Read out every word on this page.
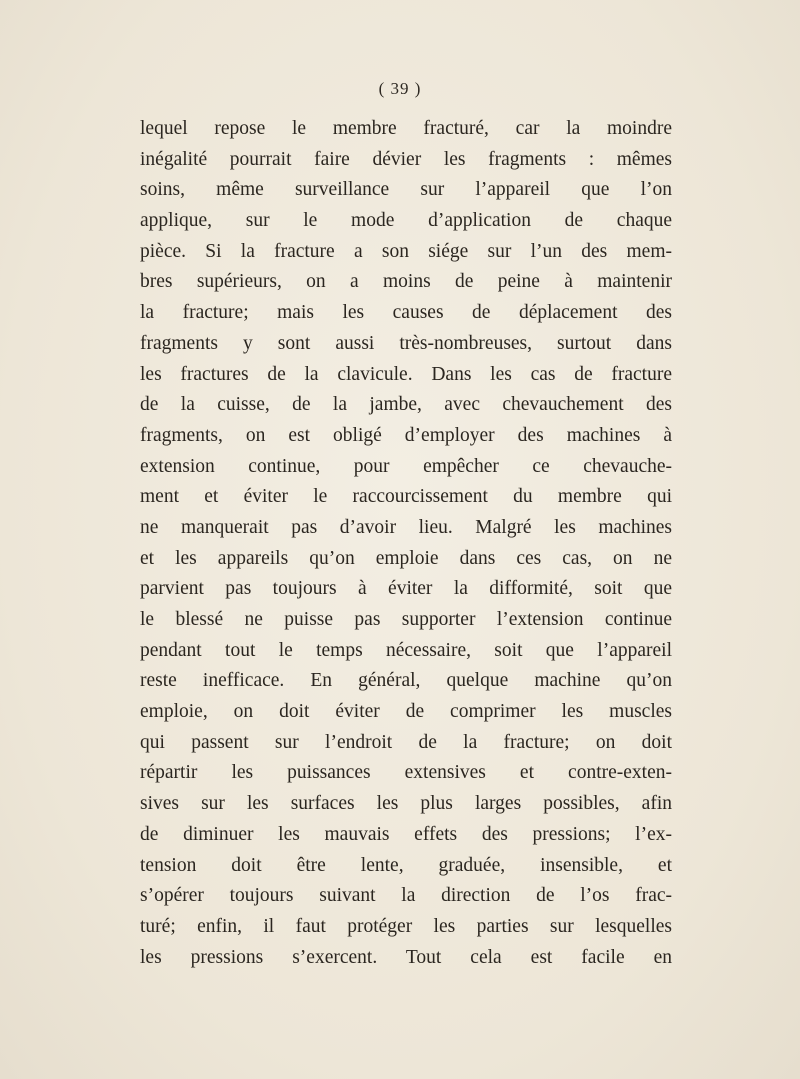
( 39 )
lequel repose le membre fracturé, car la moindre
inégalité pourrait faire dévier les fragments : mêmes
soins, même surveillance sur l’appareil que l’on
applique, sur le mode d’application de chaque
pièce. Si la fracture a son siége sur l’un des mem-
bres supérieurs, on a moins de peine à maintenir
la fracture; mais les causes de déplacement des
fragments y sont aussi très-nombreuses, surtout dans
les fractures de la clavicule. Dans les cas de fracture
de la cuisse, de la jambe, avec chevauchement des
fragments, on est obligé d’employer des machines à
extension continue, pour empêcher ce chevauche-
ment et éviter le raccourcissement du membre qui
ne manquerait pas d’avoir lieu. Malgré les machines
et les appareils qu’on emploie dans ces cas, on ne
parvient pas toujours à éviter la difformité, soit que
le blessé ne puisse pas supporter l’extension continue
pendant tout le temps nécessaire, soit que l’appareil
reste inefficace. En général, quelque machine qu’on
emploie, on doit éviter de comprimer les muscles
qui passent sur l’endroit de la fracture; on doit
répartir les puissances extensives et contre-exten-
sives sur les surfaces les plus larges possibles, afin
de diminuer les mauvais effets des pressions; l’ex-
tension doit être lente, graduée, insensible, et
s’opérer toujours suivant la direction de l’os frac-
turé; enfin, il faut protéger les parties sur lesquelles
les pressions s’exercent. Tout cela est facile en
